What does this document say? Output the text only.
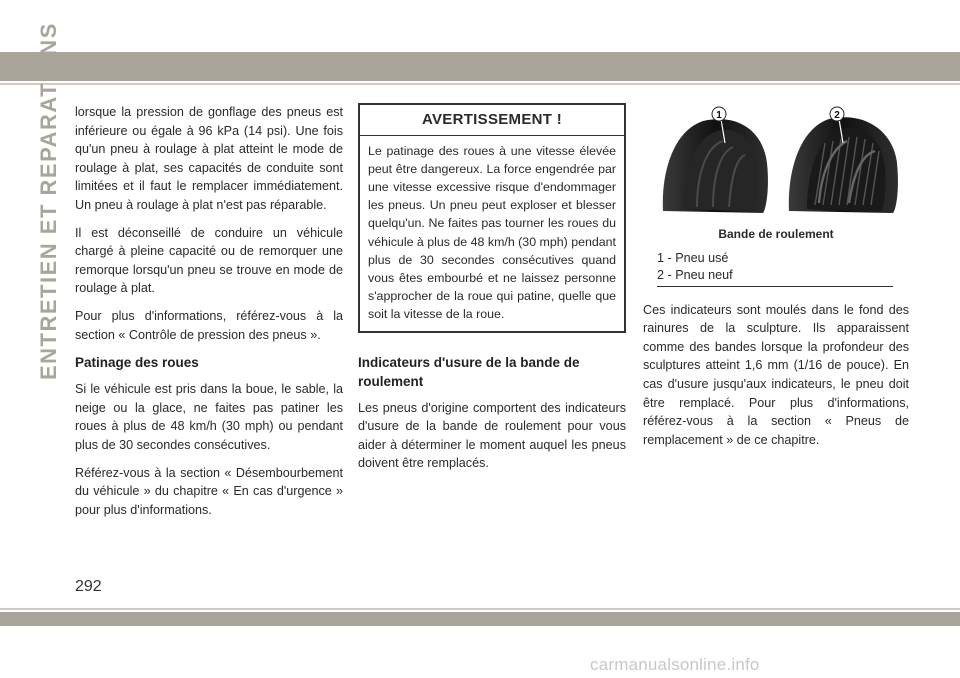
ENTRETIEN ET REPARATIONS lorsque la pression de gonflage des pneus est inférieure ou égale à 96 kPa (14 psi). Une fois qu'un pneu à roulage à plat atteint le mode de roulage à plat, ses capacités de conduite sont limitées et il faut le remplacer immédiatement. Un pneu à roulage à plat n'est pas réparable.

Il est déconseillé de conduire un véhicule chargé à pleine capacité ou de remorquer une remorque lorsqu'un pneu se trouve en mode de roulage à plat.

Pour plus d'informations, référez-vous à la section « Contrôle de pression des pneus ».

Patinage des roues

Si le véhicule est pris dans la boue, le sable, la neige ou la glace, ne faites pas patiner les roues à plus de 48 km/h (30 mph) ou pendant plus de 30 secondes consécutives.

Référez-vous à la section « Désembourbement du véhicule » du chapitre « En cas d'urgence » pour plus d'informations.

AVERTISSEMENT !
Le patinage des roues à une vitesse élevée peut être dangereux. La force engendrée par une vitesse excessive risque d'endommager les pneus. Un pneu peut exploser et blesser quelqu'un. Ne faites pas tourner les roues du véhicule à plus de 48 km/h (30 mph) pendant plus de 30 secondes consécutives quand vous êtes embourbé et ne laissez personne s'approcher de la roue qui patine, quelle que soit la vitesse de la roue.
Indicateurs d'usure de la bande de roulement

Les pneus d'origine comportent des indicateurs d'usure de la bande de roulement pour vous aider à déterminer le moment auquel les pneus doivent être remplacés.

1	2
Bande de roulement
1 - Pneu usé
2 - Pneu neuf

Ces indicateurs sont moulés dans le fond des rainures de la sculpture. Ils apparaissent comme des bandes lorsque la profondeur des sculptures atteint 1,6 mm (1/16 de pouce). En cas d'usure jusqu'aux indicateurs, le pneu doit être remplacé. Pour plus d'informations, référez-vous à la section « Pneus de remplacement » de ce chapitre.

292
carmanualsonline.info
